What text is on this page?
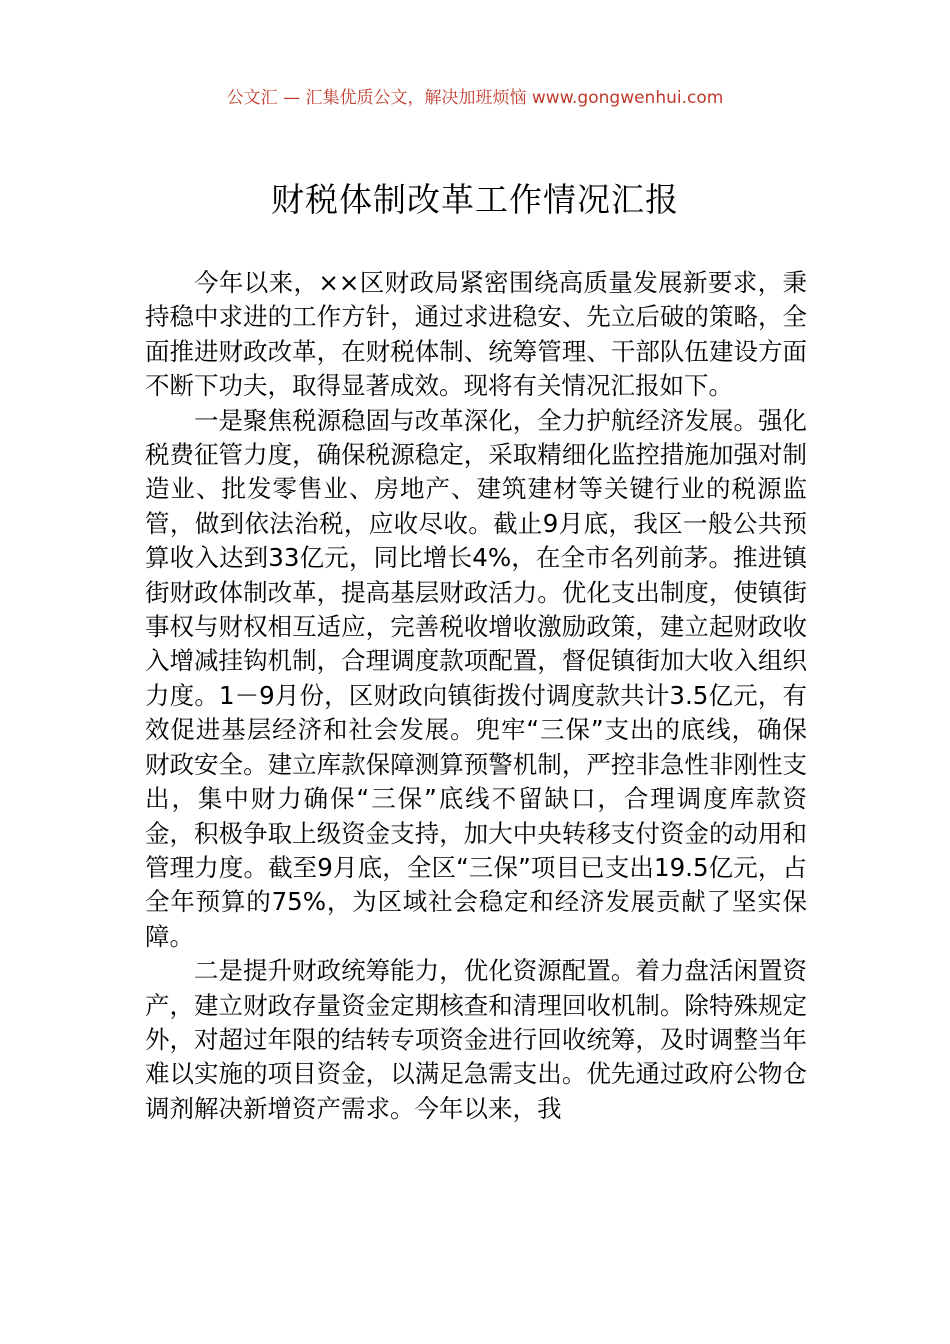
公文汇 — 汇集优质公文，解决加班烦恼 www.gongwenhui.com
财税体制改革工作情况汇报

今年以来，××区财政局紧密围绕高质量发展新要求，秉持稳中求进的工作方针，通过求进稳安、先立后破的策略，全面推进财政改革，在财税体制、统筹管理、干部队伍建设方面不断下功夫，取得显著成效。现将有关情况汇报如下。

一是聚焦税源稳固与改革深化，全力护航经济发展。强化税费征管力度，确保税源稳定，采取精细化监控措施加强对制造业、批发零售业、房地产、建筑建材等关键行业的税源监管，做到依法治税，应收尽收。截止9月底，我区一般公共预算收入达到33亿元，同比增长4%，在全市名列前茅。推进镇街财政体制改革，提高基层财政活力。优化支出制度，使镇街事权与财权相互适应，完善税收增收激励政策，建立起财政收入增减挂钩机制，合理调度款项配置，督促镇街加大收入组织力度。1－9月份，区财政向镇街拨付调度款共计3.5亿元，有效促进基层经济和社会发展。兜牢“三保”支出的底线，确保财政安全。建立库款保障测算预警机制，严控非急性非刚性支出，集中财力确保“三保”底线不留缺口，合理调度库款资金，积极争取上级资金支持，加大中央转移支付资金的动用和管理力度。截至9月底，全区“三保”项目已支出19.5亿元，占全年预算的75%，为区域社会稳定和经济发展贡献了坚实保障。

二是提升财政统筹能力，优化资源配置。着力盘活闲置资产，建立财政存量资金定期核查和清理回收机制。除特殊规定外，对超过年限的结转专项资金进行回收统筹，及时调整当年难以实施的项目资金，以满足急需支出。优先通过政府公物仓调剂解决新增资产需求。今年以来，我
